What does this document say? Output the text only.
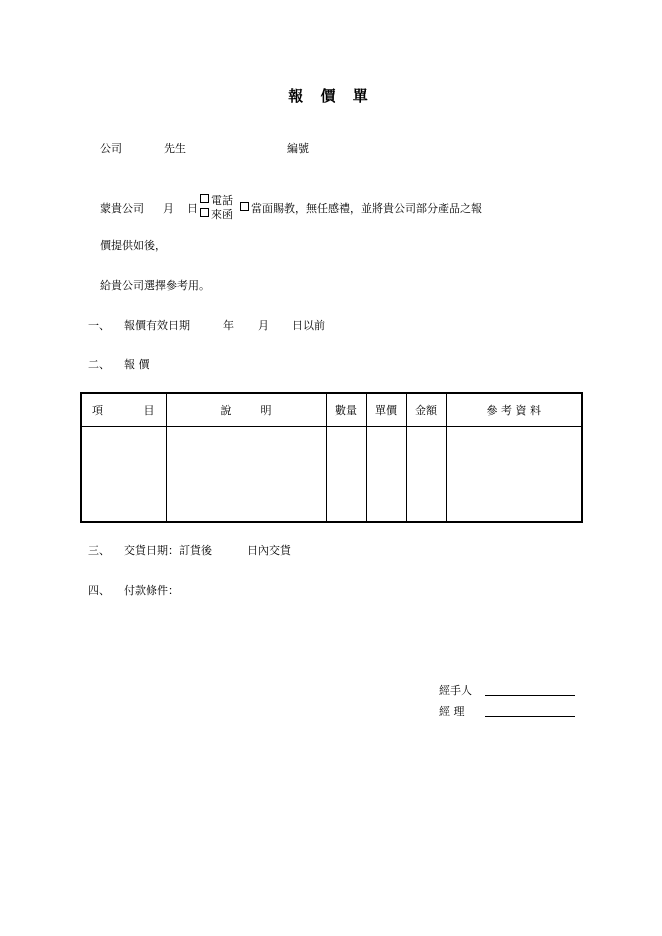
報 價 單
公司	先生	編號
蒙貴公司 月 日
電話
來函	當面賜教，無任感禮，並將貴公司部分產品之報
價提供如後，
給貴公司選擇參考用。
一、 報價有效日期	年 月 日以前
二、 報 價
項 目	說 明	數量	單價	金額	參 考 資 料

三、 交貨日期：訂貨後	日內交貨
四、 付款條件：
經手人
經 理
